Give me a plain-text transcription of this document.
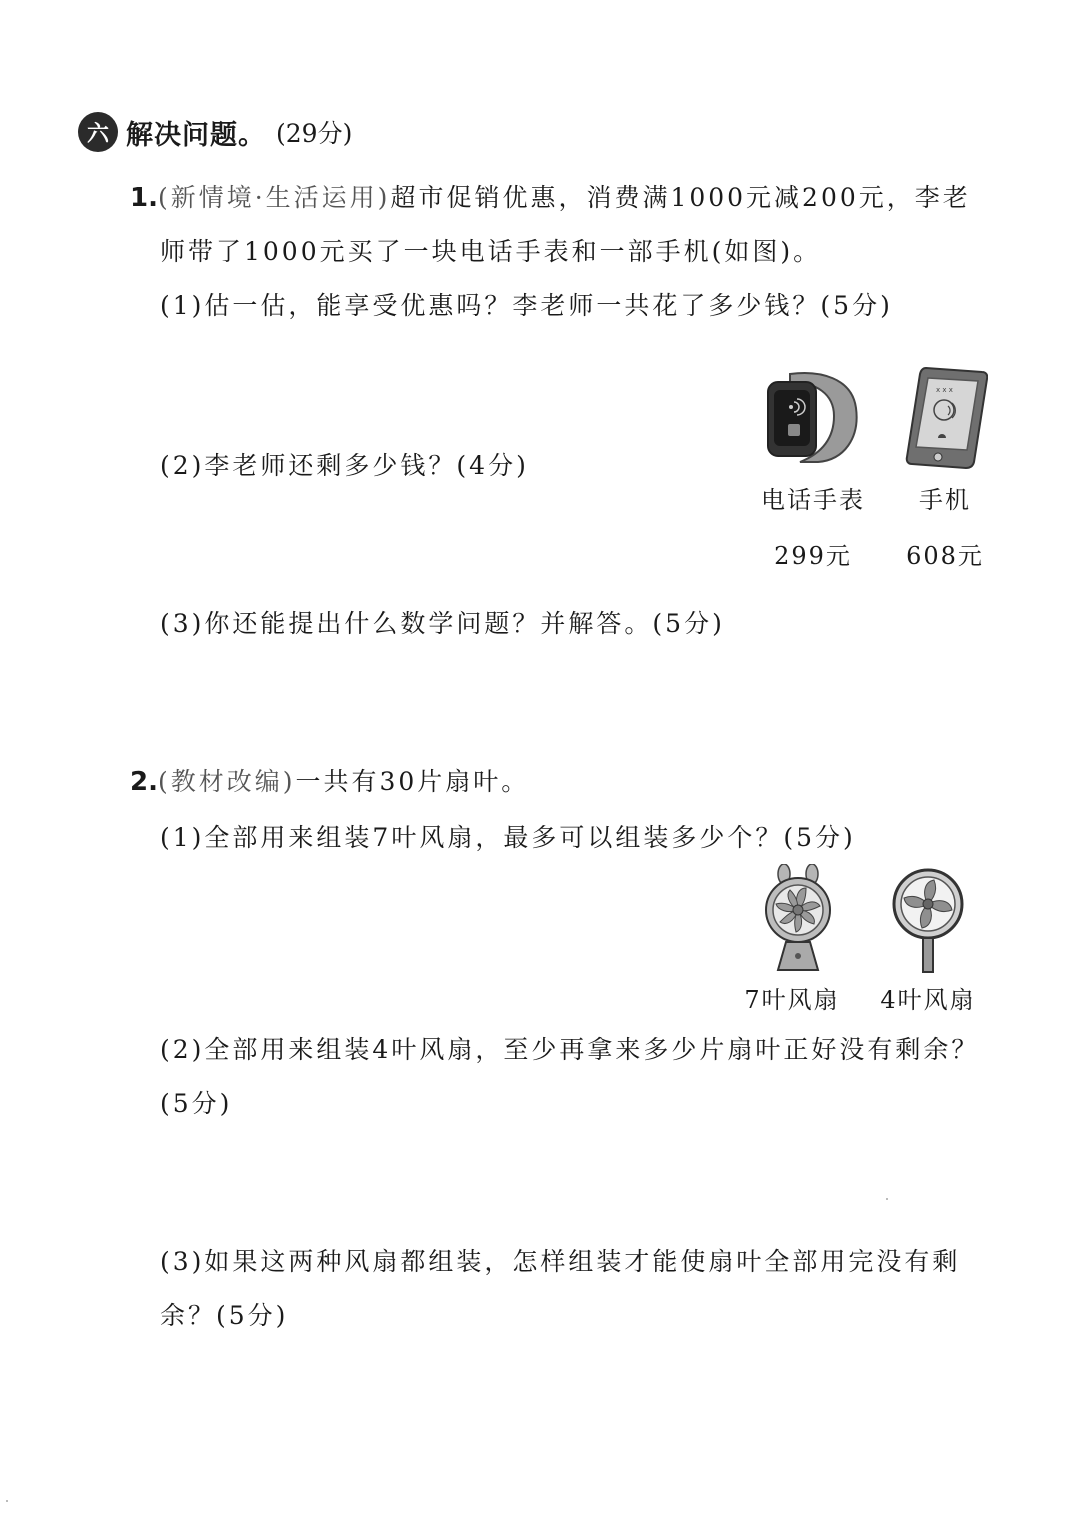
六 解决问题。 (29分)
1.(新情境·生活运用)超市促销优惠，消费满1000元减200元，李老
师带了1000元买了一块电话手表和一部手机(如图)。
(1)估一估，能享受优惠吗？李老师一共花了多少钱？(5分)
(2)李老师还剩多少钱？(4分)
(3)你还能提出什么数学问题？并解答。(5分)
x x x
电话手表	手机
299元	608元
2.(教材改编)一共有30片扇叶。
(1)全部用来组装7叶风扇，最多可以组装多少个？(5分)
7叶风扇	4叶风扇
(2)全部用来组装4叶风扇，至少再拿来多少片扇叶正好没有剩余？
(5分)
(3)如果这两种风扇都组装，怎样组装才能使扇叶全部用完没有剩
余？(5分)
